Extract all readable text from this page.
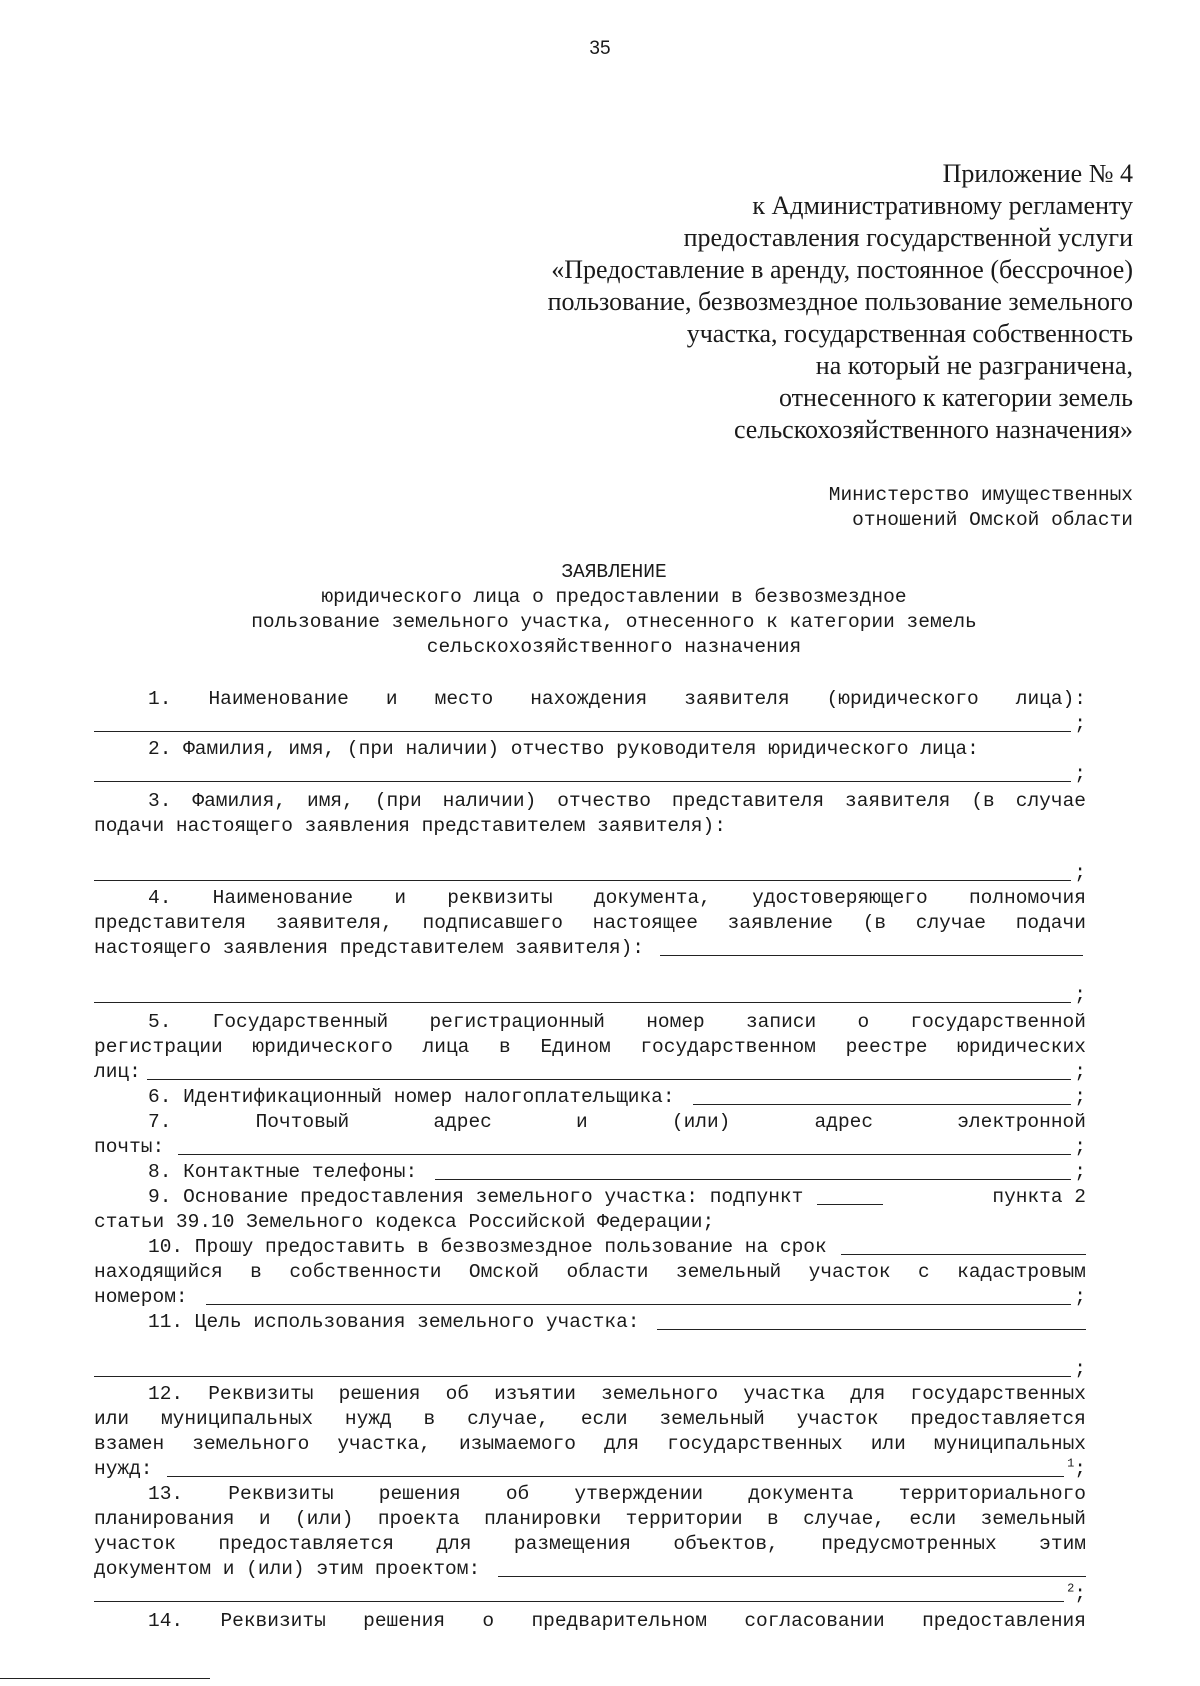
35
Приложение № 4
к Административному регламенту
предоставления государственной услуги
«Предоставление в аренду, постоянное (бессрочное)
пользование, безвозмездное пользование земельного
участка, государственная собственность
на который не разграничена,
отнесенного к категории земель
сельскохозяйственного назначения»
Министерство имущественных
отношений Омской области
ЗАЯВЛЕНИЕ
юридического лица о предоставлении в безвозмездное
пользование земельного участка, отнесенного к категории земель
сельскохозяйственного назначения
1. Наименование и место нахождения заявителя (юридического лица):
;
2. Фамилия, имя, (при наличии) отчество руководителя юридического лица:
;
3. Фамилия, имя, (при наличии) отчество представителя заявителя (в случае
подачи настоящего заявления представителем заявителя):
;
4. Наименование и реквизиты документа, удостоверяющего полномочия
представителя заявителя, подписавшего настоящее заявление (в случае подачи
настоящего заявления представителем заявителя):
;
5. Государственный регистрационный номер записи о государственной
регистрации юридического лица в Едином государственном реестре юридических
лиц:	;
6. Идентификационный номер налогоплательщика:	;
7.	Почтовый	адрес	и	(или)	адрес	электронной
почты:	;
8. Контактные телефоны:	;
9. Основание предоставления земельного участка: подпункт	пункта 2
статьи 39.10 Земельного кодекса Российской Федерации;
10. Прошу предоставить в безвозмездное пользование на срок
находящийся в собственности Омской области земельный участок с кадастровым
номером:	;
11. Цель использования земельного участка:
;
12. Реквизиты решения об изъятии земельного участка для государственных
или муниципальных нужд в случае, если земельный участок предоставляется
взамен земельного участка, изымаемого для государственных или муниципальных
нужд:	$^1$;
13. Реквизиты решения об утверждении документа территориального
планирования и (или) проекта планировки территории в случае, если земельный
участок предоставляется для размещения объектов, предусмотренных этим
документом и (или) этим проектом:
$^2$;
14. Реквизиты решения о предварительном согласовании предоставления
